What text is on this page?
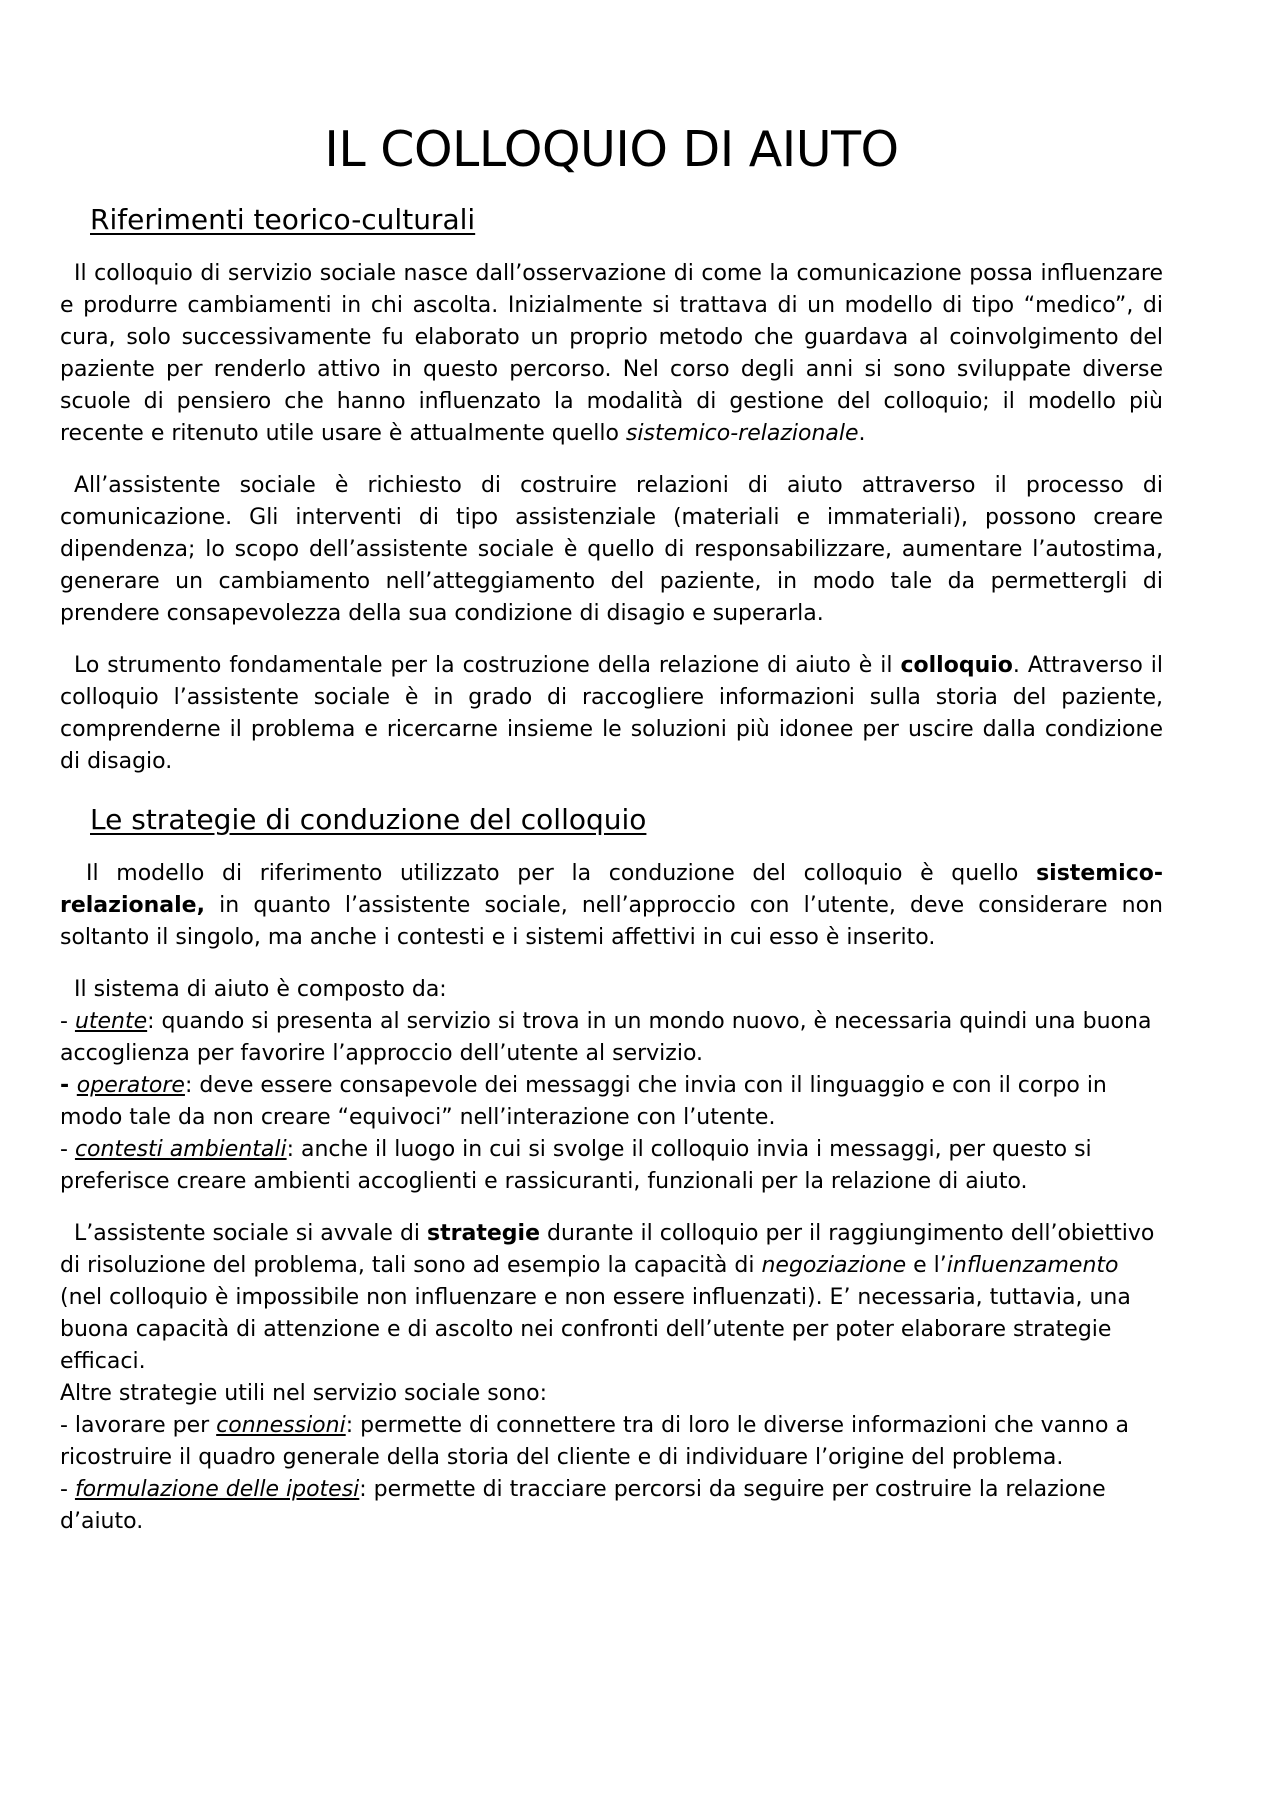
IL COLLOQUIO DI AIUTO
Riferimenti teorico-culturali

Il colloquio di servizio sociale nasce dall’osservazione di come la comunicazione possa influenzare e produrre cambiamenti in chi ascolta. Inizialmente si trattava di un modello di tipo “medico”, di cura, solo successivamente fu elaborato un proprio metodo che guardava al coinvolgimento del paziente per renderlo attivo in questo percorso. Nel corso degli anni si sono sviluppate diverse scuole di pensiero che hanno influenzato la modalità di gestione del colloquio; il modello più recente e ritenuto utile usare è attualmente quello sistemico-relazionale.

All’assistente sociale è richiesto di costruire relazioni di aiuto attraverso il processo di comunicazione. Gli interventi di tipo assistenziale (materiali e immateriali), possono creare dipendenza; lo scopo dell’assistente sociale è quello di responsabilizzare, aumentare l’autostima, generare un cambiamento nell’atteggiamento del paziente, in modo tale da permettergli di prendere consapevolezza della sua condizione di disagio e superarla.

Lo strumento fondamentale per la costruzione della relazione di aiuto è il colloquio. Attraverso il colloquio l’assistente sociale è in grado di raccogliere informazioni sulla storia del paziente, comprenderne il problema e ricercarne insieme le soluzioni più idonee per uscire dalla condizione di disagio.

Le strategie di conduzione del colloquio

Il modello di riferimento utilizzato per la conduzione del colloquio è quello sistemico-relazionale, in quanto l’assistente sociale, nell’approccio con l’utente, deve considerare non soltanto il singolo, ma anche i contesti e i sistemi affettivi in cui esso è inserito.

Il sistema di aiuto è composto da:

- utente: quando si presenta al servizio si trova in un mondo nuovo, è necessaria quindi una buona accoglienza per favorire l’approccio dell’utente al servizio.

- operatore: deve essere consapevole dei messaggi che invia con il linguaggio e con il corpo in modo tale da non creare “equivoci” nell’interazione con l’utente.

- contesti ambientali: anche il luogo in cui si svolge il colloquio invia i messaggi, per questo si preferisce creare ambienti accoglienti e rassicuranti, funzionali per la relazione di aiuto.

L’assistente sociale si avvale di strategie durante il colloquio per il raggiungimento dell’obiettivo di risoluzione del problema, tali sono ad esempio la capacità di negoziazione e l’influenzamento (nel colloquio è impossibile non influenzare e non essere influenzati). E’ necessaria, tuttavia, una buona capacità di attenzione e di ascolto nei confronti dell’utente per poter elaborare strategie efficaci.

Altre strategie utili nel servizio sociale sono:

- lavorare per connessioni: permette di connettere tra di loro le diverse informazioni che vanno a ricostruire il quadro generale della storia del cliente e di individuare l’origine del problema.

- formulazione delle ipotesi: permette di tracciare percorsi da seguire per costruire la relazione d’aiuto.
